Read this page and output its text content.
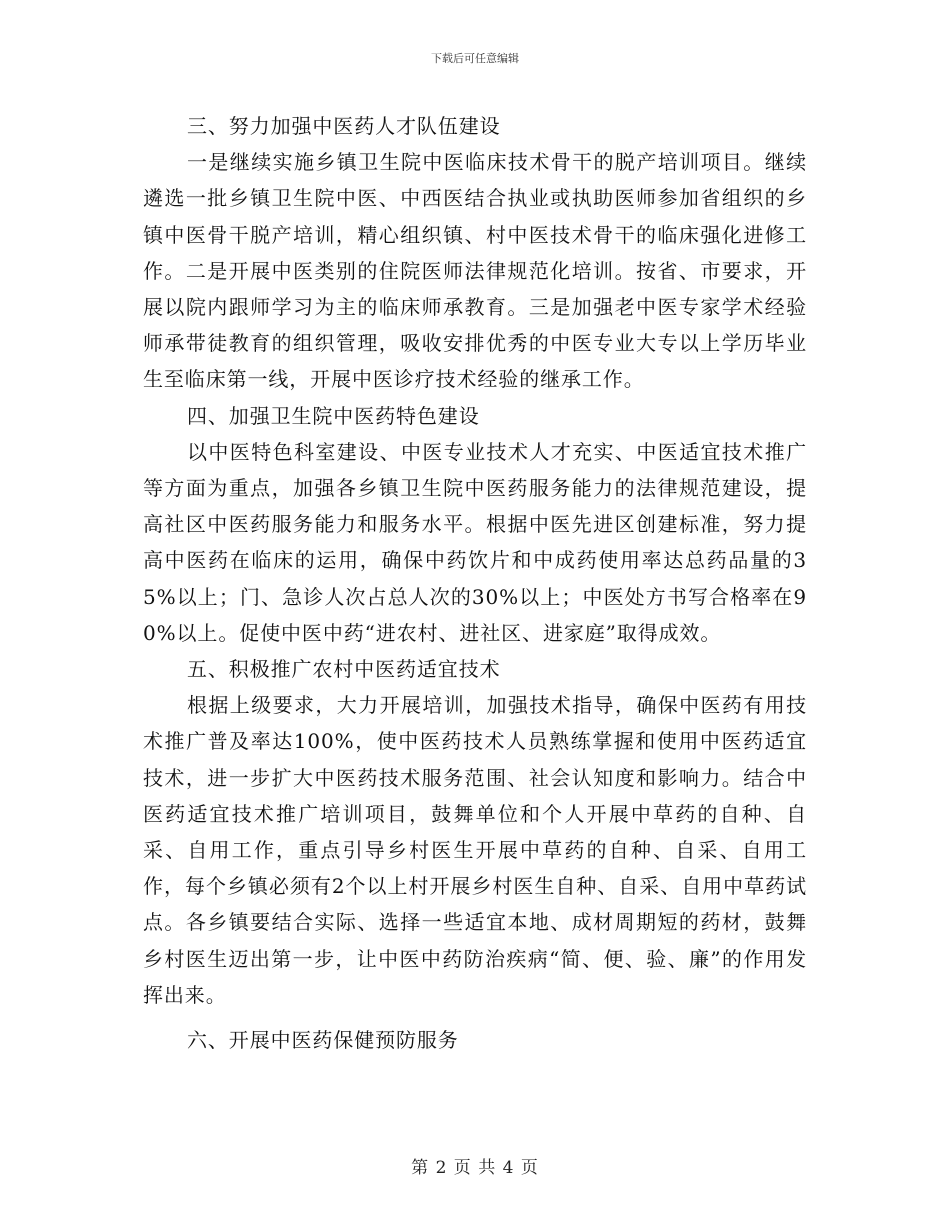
下载后可任意编辑

三、努力加强中医药人才队伍建设

一是继续实施乡镇卫生院中医临床技术骨干的脱产培训项目。继续遴选一批乡镇卫生院中医、中西医结合执业或执助医师参加省组织的乡镇中医骨干脱产培训，精心组织镇、村中医技术骨干的临床强化进修工作。二是开展中医类别的住院医师法律规范化培训。按省、市要求，开展以院内跟师学习为主的临床师承教育。三是加强老中医专家学术经验师承带徒教育的组织管理，吸收安排优秀的中医专业大专以上学历毕业生至临床第一线，开展中医诊疗技术经验的继承工作。

四、加强卫生院中医药特色建设

以中医特色科室建设、中医专业技术人才充实、中医适宜技术推广等方面为重点，加强各乡镇卫生院中医药服务能力的法律规范建设，提高社区中医药服务能力和服务水平。根据中医先进区创建标准，努力提高中医药在临床的运用，确保中药饮片和中成药使用率达总药品量的35%以上；门、急诊人次占总人次的30%以上；中医处方书写合格率在90%以上。促使中医中药“进农村、进社区、进家庭”取得成效。

五、积极推广农村中医药适宜技术

根据上级要求，大力开展培训，加强技术指导，确保中医药有用技术推广普及率达100%，使中医药技术人员熟练掌握和使用中医药适宜技术，进一步扩大中医药技术服务范围、社会认知度和影响力。结合中医药适宜技术推广培训项目，鼓舞单位和个人开展中草药的自种、自采、自用工作，重点引导乡村医生开展中草药的自种、自采、自用工作，每个乡镇必须有2个以上村开展乡村医生自种、自采、自用中草药试点。各乡镇要结合实际、选择一些适宜本地、成材周期短的药材，鼓舞乡村医生迈出第一步，让中医中药防治疾病“简、便、验、廉”的作用发挥出来。

六、开展中医药保健预防服务

第 2 页 共 4 页
